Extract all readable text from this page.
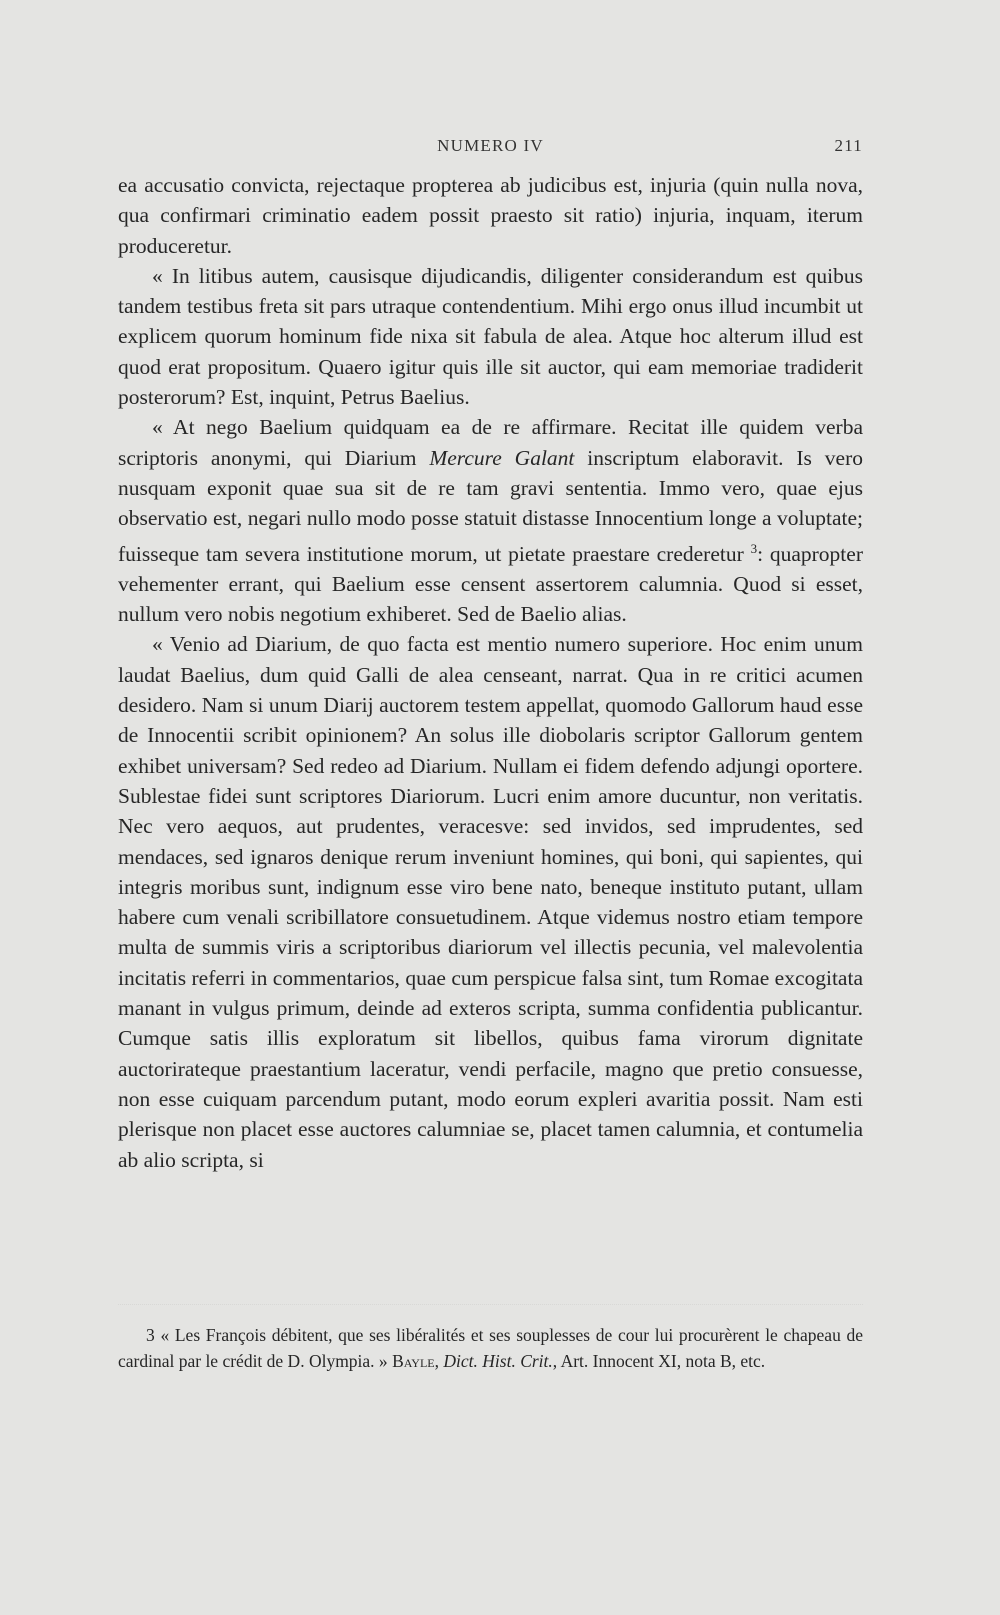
NUMERO IV	211

ea accusatio convicta, rejectaque propterea ab judicibus est, injuria (quin nulla nova, qua confirmari criminatio eadem possit praesto sit ratio) injuria, inquam, iterum produceretur.

« In litibus autem, causisque dijudicandis, diligenter considerandum est quibus tandem testibus freta sit pars utraque contendentium. Mihi ergo onus illud incumbit ut explicem quorum hominum fide nixa sit fabula de alea. Atque hoc alterum illud est quod erat propositum. Quaero igitur quis ille sit auctor, qui eam memoriae tradiderit posterorum? Est, inquint, Petrus Baelius.

« At nego Baelium quidquam ea de re affirmare. Recitat ille quidem verba scriptoris anonymi, qui Diarium Mercure Galant inscriptum elaboravit. Is vero nusquam exponit quae sua sit de re tam gravi sententia. Immo vero, quae ejus observatio est, negari nullo modo posse statuit distasse Innocentium longe a voluptate; fuisseque tam severa institutione morum, ut pietate praestare crederetur $^3$: quapropter vehementer errant, qui Baelium esse censent assertorem calumnia. Quod si esset, nullum vero nobis negotium exhiberet. Sed de Baelio alias.

« Venio ad Diarium, de quo facta est mentio numero superiore. Hoc enim unum laudat Baelius, dum quid Galli de alea censeant, narrat. Qua in re critici acumen desidero. Nam si unum Diarij auctorem testem appellat, quomodo Gallorum haud esse de Innocentii scribit opinionem? An solus ille diobolaris scriptor Gallorum gentem exhibet universam? Sed redeo ad Diarium. Nullam ei fidem defendo adjungi oportere. Sublestae fidei sunt scriptores Diariorum. Lucri enim amore ducuntur, non veritatis. Nec vero aequos, aut prudentes, veracesve: sed invidos, sed imprudentes, sed mendaces, sed ignaros denique rerum inveniunt homines, qui boni, qui sapientes, qui integris moribus sunt, indignum esse viro bene nato, beneque instituto putant, ullam habere cum venali scribillatore consuetudinem. Atque videmus nostro etiam tempore multa de summis viris a scriptoribus diariorum vel illectis pecunia, vel malevolentia incitatis referri in commentarios, quae cum perspicue falsa sint, tum Romae excogitata manant in vulgus primum, deinde ad exteros scripta, summa confidentia publicantur. Cumque satis illis exploratum sit libellos, quibus fama virorum dignitate auctorirateque praestantium laceratur, vendi perfacile, magno que pretio consuesse, non esse cuiquam parcendum putant, modo eorum expleri avaritia possit. Nam esti plerisque non placet esse auctores calumniae se, placet tamen calumnia, et contumelia ab alio scripta, si

3 « Les François débitent, que ses libéralités et ses souplesses de cour lui procurèrent le chapeau de cardinal par le crédit de D. Olympia. » Bayle, Dict. Hist. Crit., Art. Innocent XI, nota B, etc.
